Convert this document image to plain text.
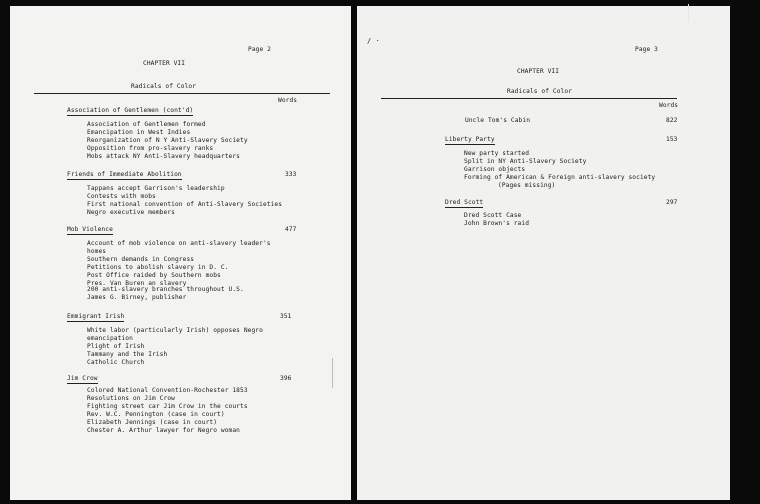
Page 2
CHAPTER VII
Radicals of Color
Words
Association of Gentlemen (cont'd)
Association of Gentlemen formed
Emancipation in West Indies
Reorganization of N Y Anti-Slavery Society
Opposition from pro-slavery ranks
Mobs attack NY Anti-Slavery headquarters
Friends of Immediate Abolition	333
Tappans accept Garrison's leadership
Contests with mobs
First national convention of Anti-Slavery Societies
Negro executive members
Mob Violence	477
Account of mob violence on anti-slavery leader's
homes
Southern demands in Congress
Petitions to abolish slavery in D. C.
Post Office raided by Southern mobs
Pres. Van Buren an slavery
200 anti-slavery branches throughout U.S.
James G. Birney, publisher
Emmigrant Irish	351
White labor (particularly Irish) opposes Negro
emancipation
Plight of Irish
Tammany and the Irish
Catholic Church
Jim Crow	396
Colored National Convention-Rochester 1853
Resolutions on Jim Crow
Fighting street car Jim Crow in the courts
Rev. W.C. Pennington (case in court)
Elizabeth Jennings (case in court)
Chester A. Arthur lawyer for Negro woman
/ ·
Page 3
CHAPTER VII
Radicals of Color
Words
Uncle Tom's Cabin	822
Liberty Party	153
New party started
Split in NY Anti-Slavery Society
Garrison objects
Forming of American & Foreign anti-slavery society
(Pages missing)
Dred Scott	297
Dred Scott Case
John Brown's raid
